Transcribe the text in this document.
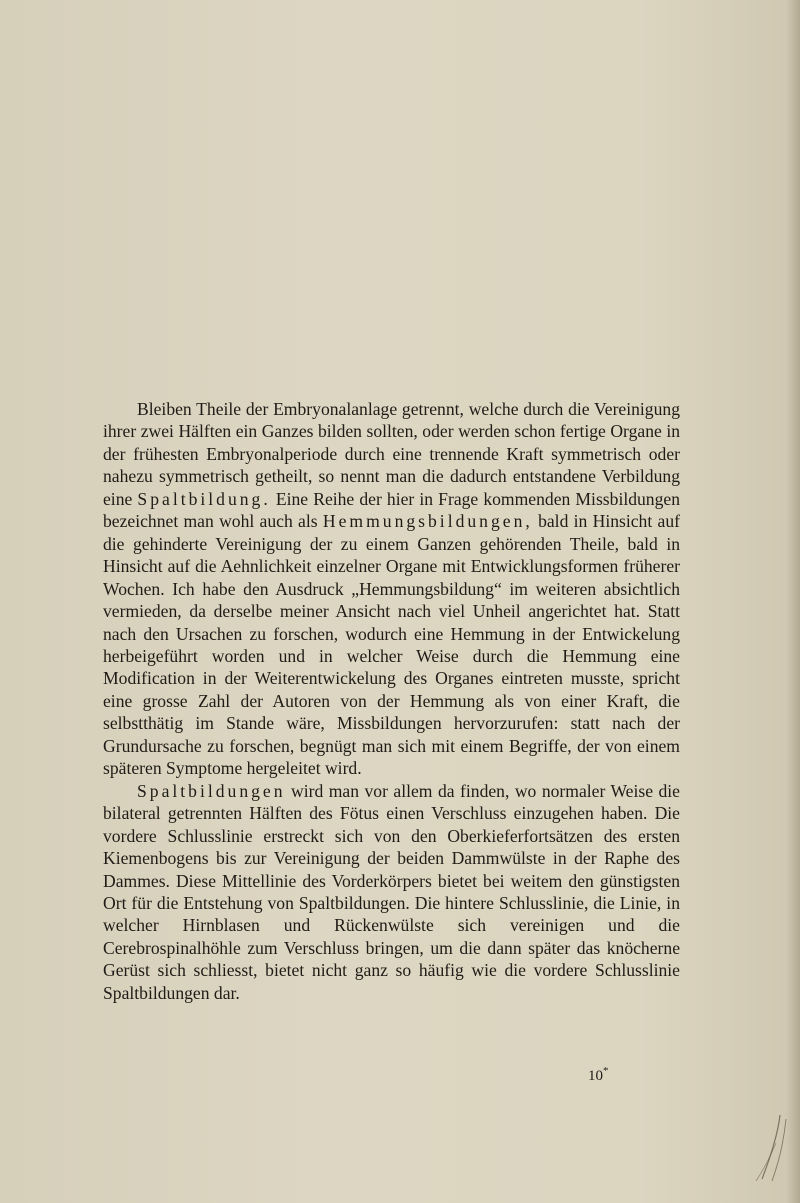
Bleiben Theile der Embryonalanlage getrennt, welche durch die Vereinigung ihrer zwei Hälften ein Ganzes bilden sollten, oder werden schon fertige Organe in der frühesten Embryonalperiode durch eine trennende Kraft symmetrisch oder nahezu symmetrisch getheilt, so nennt man die dadurch entstandene Verbildung eine Spaltbildung. Eine Reihe der hier in Frage kommenden Missbildungen bezeichnet man wohl auch als Hemmungsbildungen, bald in Hinsicht auf die gehinderte Vereinigung der zu einem Ganzen gehörenden Theile, bald in Hinsicht auf die Aehnlichkeit einzelner Organe mit Entwicklungsformen früherer Wochen. Ich habe den Ausdruck „Hemmungsbildung“ im weiteren absichtlich vermieden, da derselbe meiner Ansicht nach viel Unheil angerichtet hat. Statt nach den Ursachen zu forschen, wodurch eine Hemmung in der Entwickelung herbeigeführt worden und in welcher Weise durch die Hemmung eine Modification in der Weiterentwickelung des Organes eintreten musste, spricht eine grosse Zahl der Autoren von der Hemmung als von einer Kraft, die selbstthätig im Stande wäre, Missbildungen hervorzurufen: statt nach der Grundursache zu forschen, begnügt man sich mit einem Begriffe, der von einem späteren Symptome hergeleitet wird.

Spaltbildungen wird man vor allem da finden, wo normaler Weise die bilateral getrennten Hälften des Fötus einen Verschluss einzugehen haben. Die vordere Schlusslinie erstreckt sich von den Oberkieferfortsätzen des ersten Kiemenbogens bis zur Vereinigung der beiden Dammwülste in der Raphe des Dammes. Diese Mittellinie des Vorderkörpers bietet bei weitem den günstigsten Ort für die Entstehung von Spaltbildungen. Die hintere Schlusslinie, die Linie, in welcher Hirnblasen und Rückenwülste sich vereinigen und die Cerebrospinalhöhle zum Verschluss bringen, um die dann später das knöcherne Gerüst sich schliesst, bietet nicht ganz so häufig wie die vordere Schlusslinie Spaltbildungen dar.

10*
